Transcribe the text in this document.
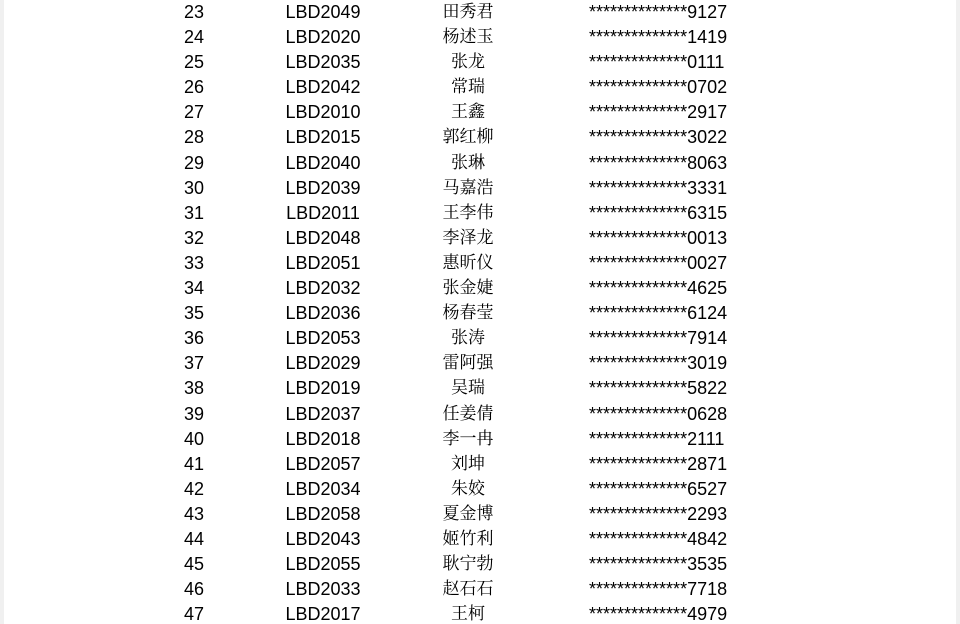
23	LBD2049	田秀君	**************9127
24	LBD2020	杨述玉	**************1419
25	LBD2035	张龙	**************0111
26	LBD2042	常瑞	**************0702
27	LBD2010	王鑫	**************2917
28	LBD2015	郭红柳	**************3022
29	LBD2040	张琳	**************8063
30	LBD2039	马嘉浩	**************3331
31	LBD2011	王李伟	**************6315
32	LBD2048	李泽龙	**************0013
33	LBD2051	惠昕仪	**************0027
34	LBD2032	张金婕	**************4625
35	LBD2036	杨春莹	**************6124
36	LBD2053	张涛	**************7914
37	LBD2029	雷阿强	**************3019
38	LBD2019	吴瑞	**************5822
39	LBD2037	任姜倩	**************0628
40	LBD2018	李一冉	**************2111
41	LBD2057	刘坤	**************2871
42	LBD2034	朱姣	**************6527
43	LBD2058	夏金博	**************2293
44	LBD2043	姬竹利	**************4842
45	LBD2055	耿宁勃	**************3535
46	LBD2033	赵石石	**************7718
47	LBD2017	王柯	**************4979
